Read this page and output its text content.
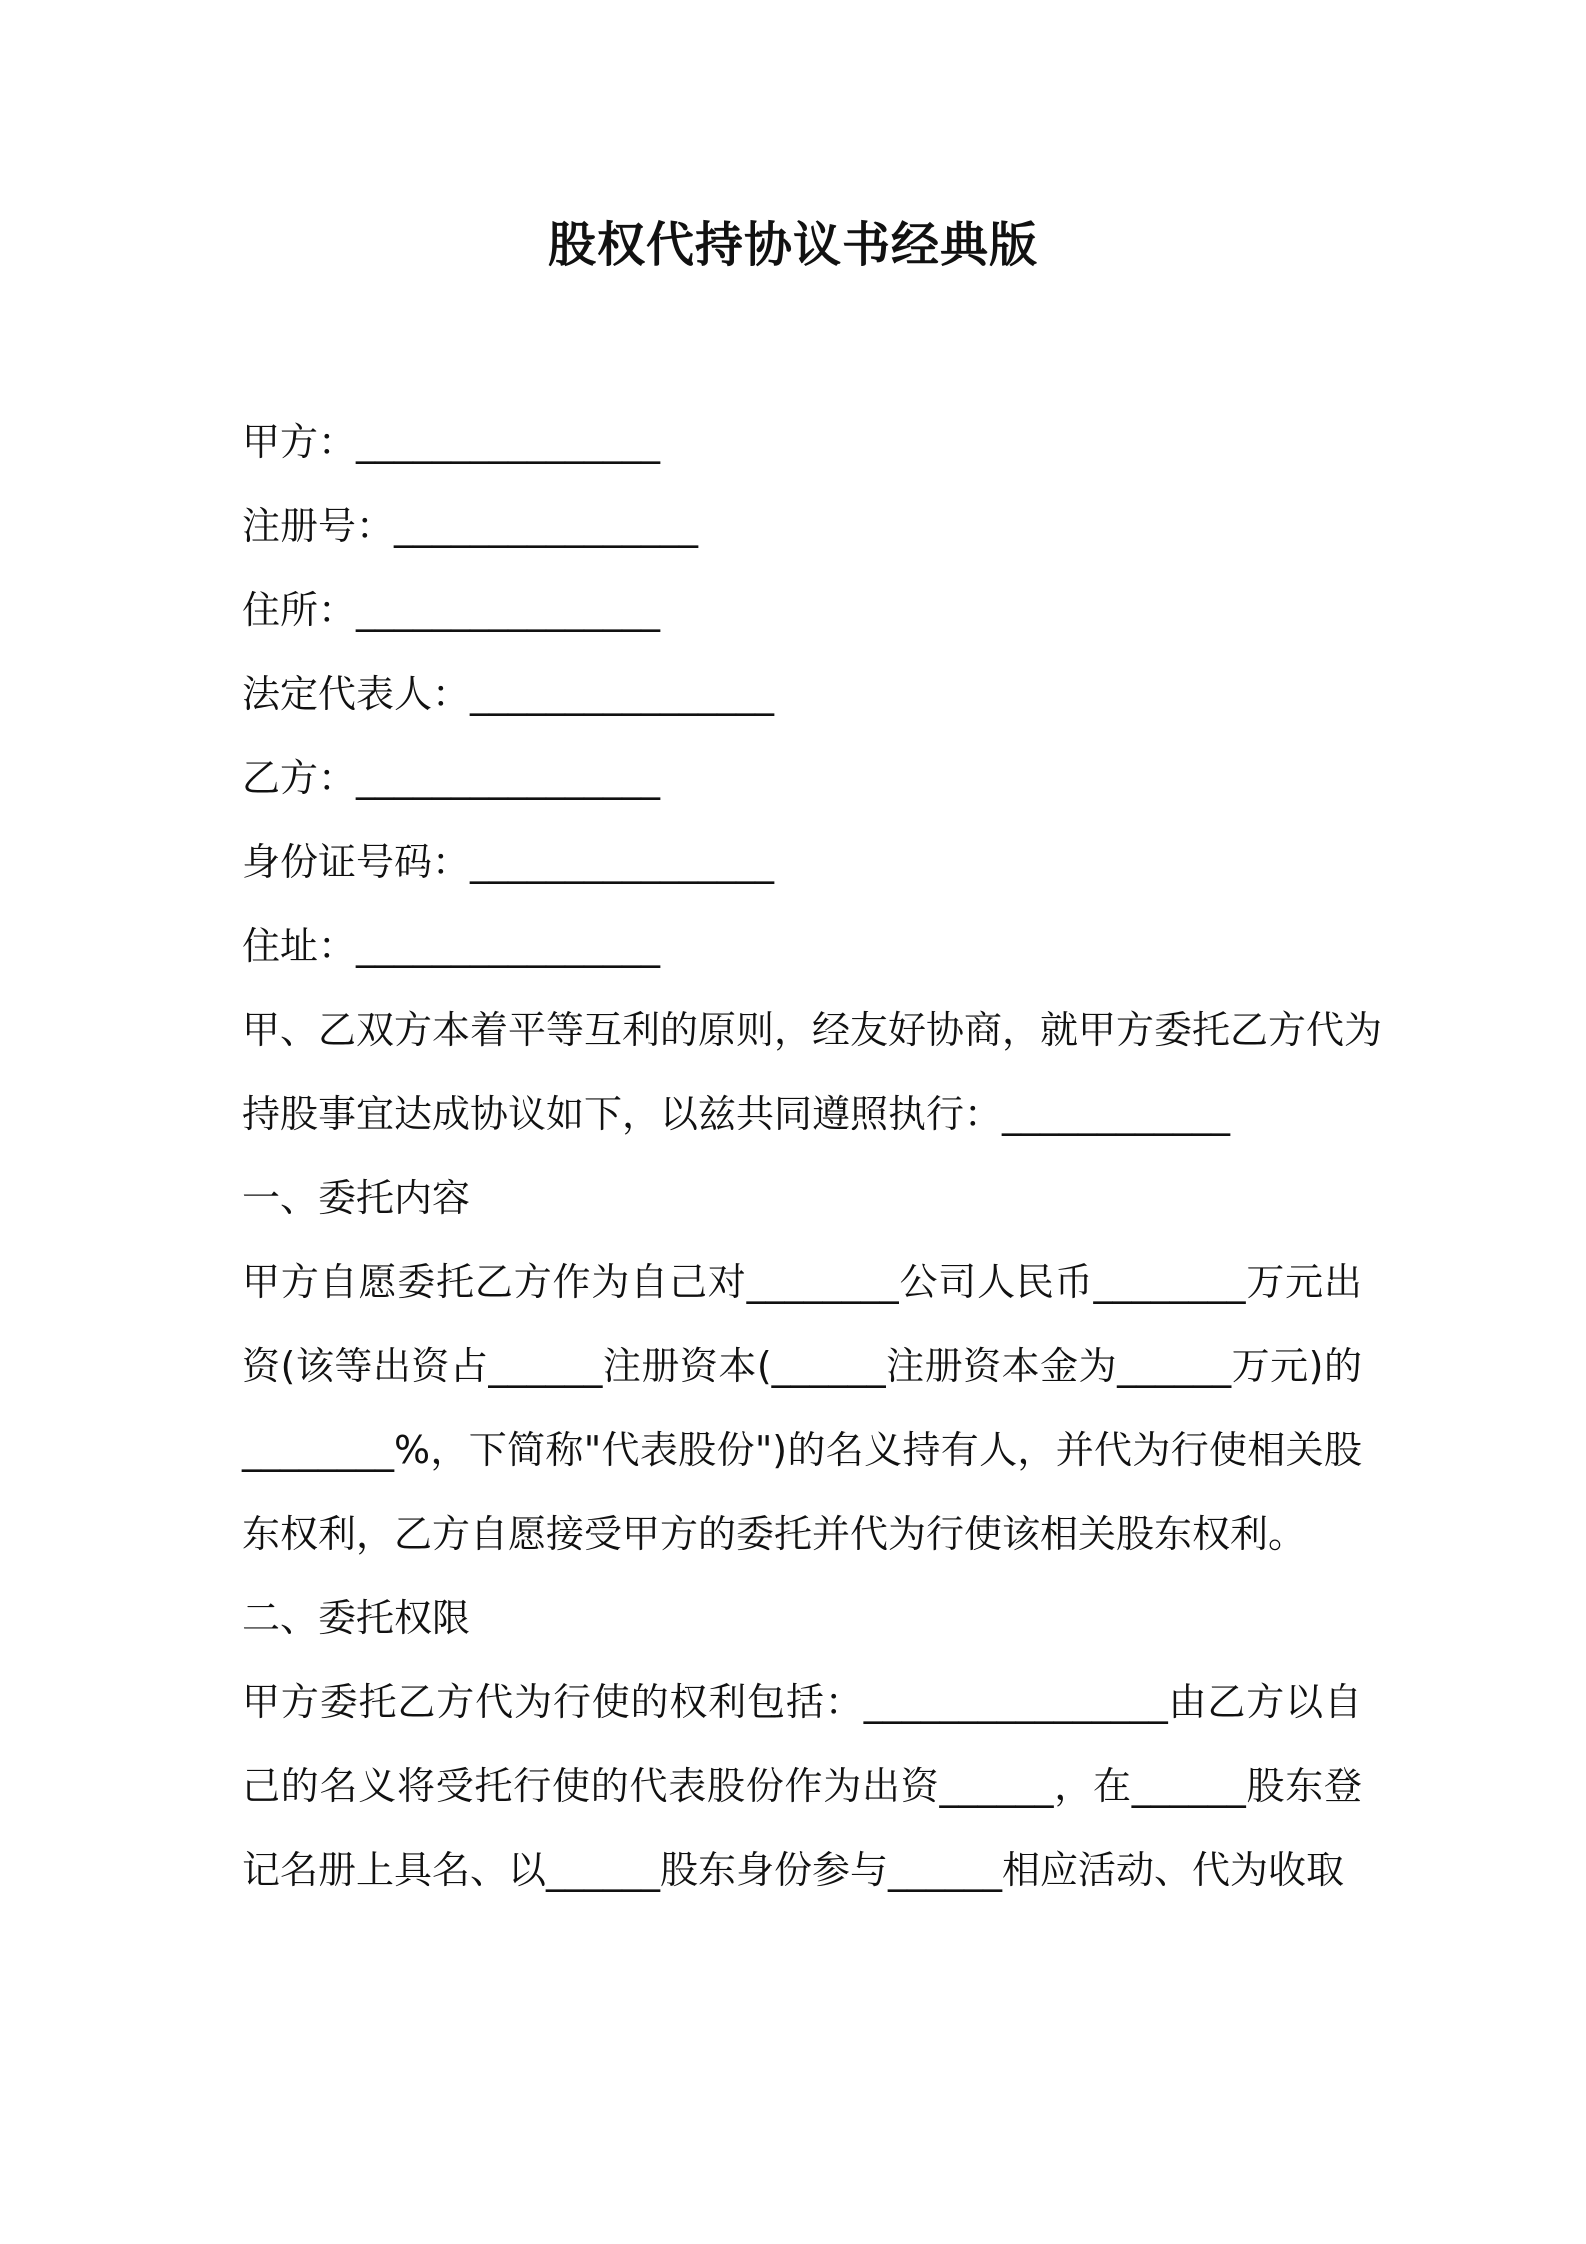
股权代持协议书经典版
甲方：________________
注册号：________________
住所：________________
法定代表人：________________
乙方：________________
身份证号码：________________
住址：________________
甲、乙双方本着平等互利的原则，经友好协商，就甲方委托乙方代为
持股事宜达成协议如下，以兹共同遵照执行：____________
一、委托内容
甲方自愿委托乙方作为自己对________公司人民币________万元出资(该等出资占______注册资本(______注册资本金为______万元)的　________%，下简称"代表股份")的名义持有人，并代为行使相关股东权利，乙方自愿接受甲方的委托并代为行使该相关股东权利。
二、委托权限
甲方委托乙方代为行使的权利包括：________________由乙方以自己的名义将受托行使的代表股份作为出资______，在______股东登记名册上具名、以______股东身份参与______相应活动、代为收取
